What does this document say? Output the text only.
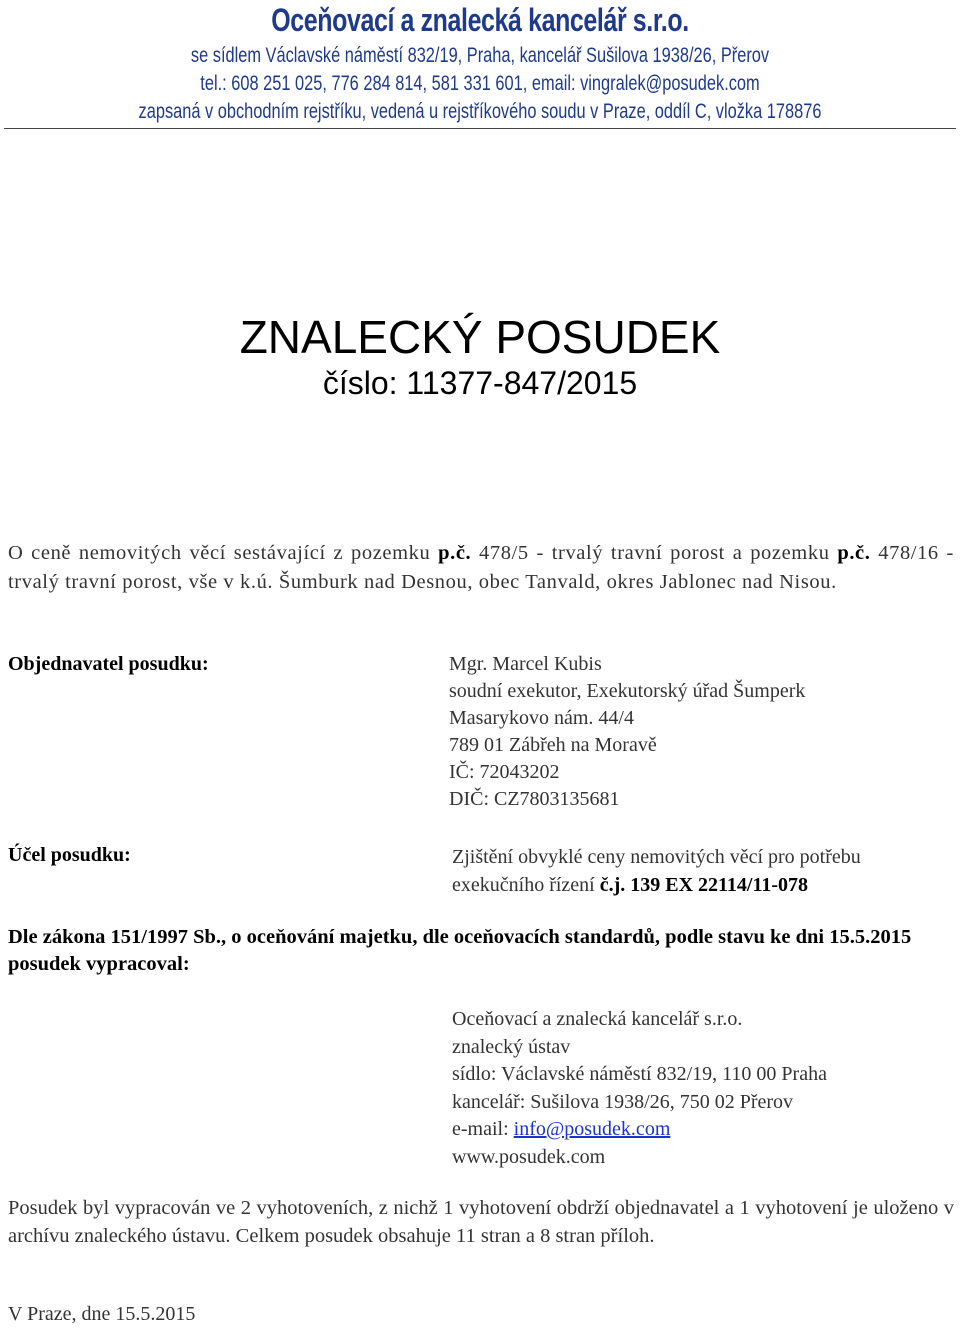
Oceňovací a znalecká kancelář s.r.o.
se sídlem Václavské náměstí 832/19, Praha, kancelář Sušilova 1938/26, Přerov
tel.: 608 251 025, 776 284 814, 581 331 601, email: vingralek@posudek.com
zapsaná v obchodním rejstříku, vedená u rejstříkového soudu v Praze, oddíl C, vložka 178876
ZNALECKÝ POSUDEK
číslo: 11377-847/2015
O ceně nemovitých věcí sestávající z pozemku p.č. 478/5 - trvalý travní porost a pozemku p.č. 478/16 - trvalý travní porost, vše v k.ú. Šumburk nad Desnou, obec Tanvald, okres Jablonec nad Nisou.
Objednavatel posudku:	Mgr. Marcel Kubis
soudní exekutor, Exekutorský úřad Šumperk
Masarykovo nám. 44/4
789 01 Zábřeh na Moravě
IČ: 72043202
DIČ: CZ7803135681
Účel posudku:	Zjištění obvyklé ceny nemovitých věcí pro potřebu
exekučního řízení č.j. 139 EX 22114/11-078
Dle zákona 151/1997 Sb., o oceňování majetku, dle oceňovacích standardů, podle stavu ke dni 15.5.2015 posudek vypracoval:
Oceňovací a znalecká kancelář s.r.o.
znalecký ústav
sídlo: Václavské náměstí 832/19, 110 00 Praha
kancelář: Sušilova 1938/26, 750 02 Přerov
e-mail: info@posudek.com
www.posudek.com
Posudek byl vypracován ve 2 vyhotoveních, z nichž 1 vyhotovení obdrží objednavatel a 1 vyhotovení je uloženo v archívu znaleckého ústavu. Celkem posudek obsahuje 11 stran a 8 stran příloh.
V Praze, dne 15.5.2015
